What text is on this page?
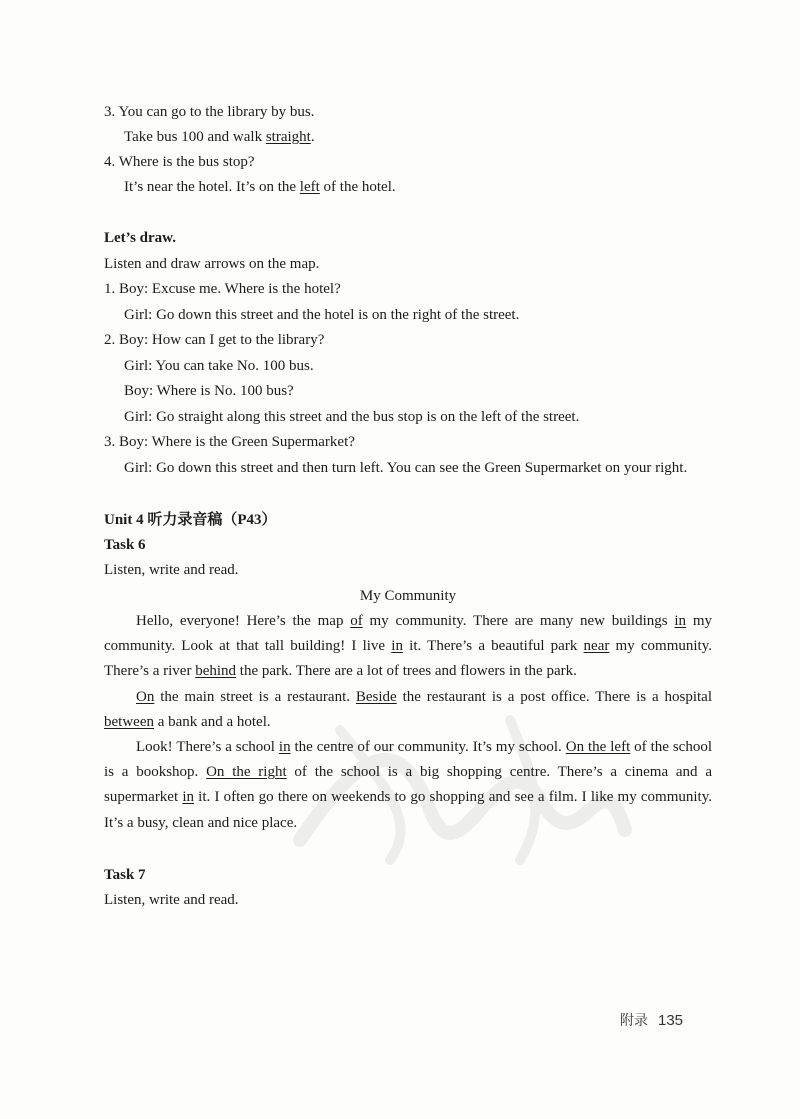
3. You can go to the library by bus.
Take bus 100 and walk straight.
4. Where is the bus stop?
It’s near the hotel. It’s on the left of the hotel.
Let’s draw.
Listen and draw arrows on the map.
1. Boy: Excuse me. Where is the hotel?
Girl: Go down this street and the hotel is on the right of the street.
2. Boy: How can I get to the library?
Girl: You can take No. 100 bus.
Boy: Where is No. 100 bus?
Girl: Go straight along this street and the bus stop is on the left of the street.
3. Boy: Where is the Green Supermarket?
Girl: Go down this street and then turn left. You can see the Green Supermarket on your right.
Unit 4 听力录音稿（P43）
Task 6
Listen, write and read.
My Community

Hello, everyone! Here’s the map of my community. There are many new buildings in my community. Look at that tall building! I live in it. There’s a beautiful park near my community. There’s a river behind the park. There are a lot of trees and flowers in the park.

On the main street is a restaurant. Beside the restaurant is a post office. There is a hospital between a bank and a hotel.

Look! There’s a school in the centre of our community. It’s my school. On the left of the school is a bookshop. On the right of the school is a big shopping centre. There’s a cinema and a supermarket in it. I often go there on weekends to go shopping and see a film. I like my community. It’s a busy, clean and nice place.

Task 7
Listen, write and read.
附录 135
